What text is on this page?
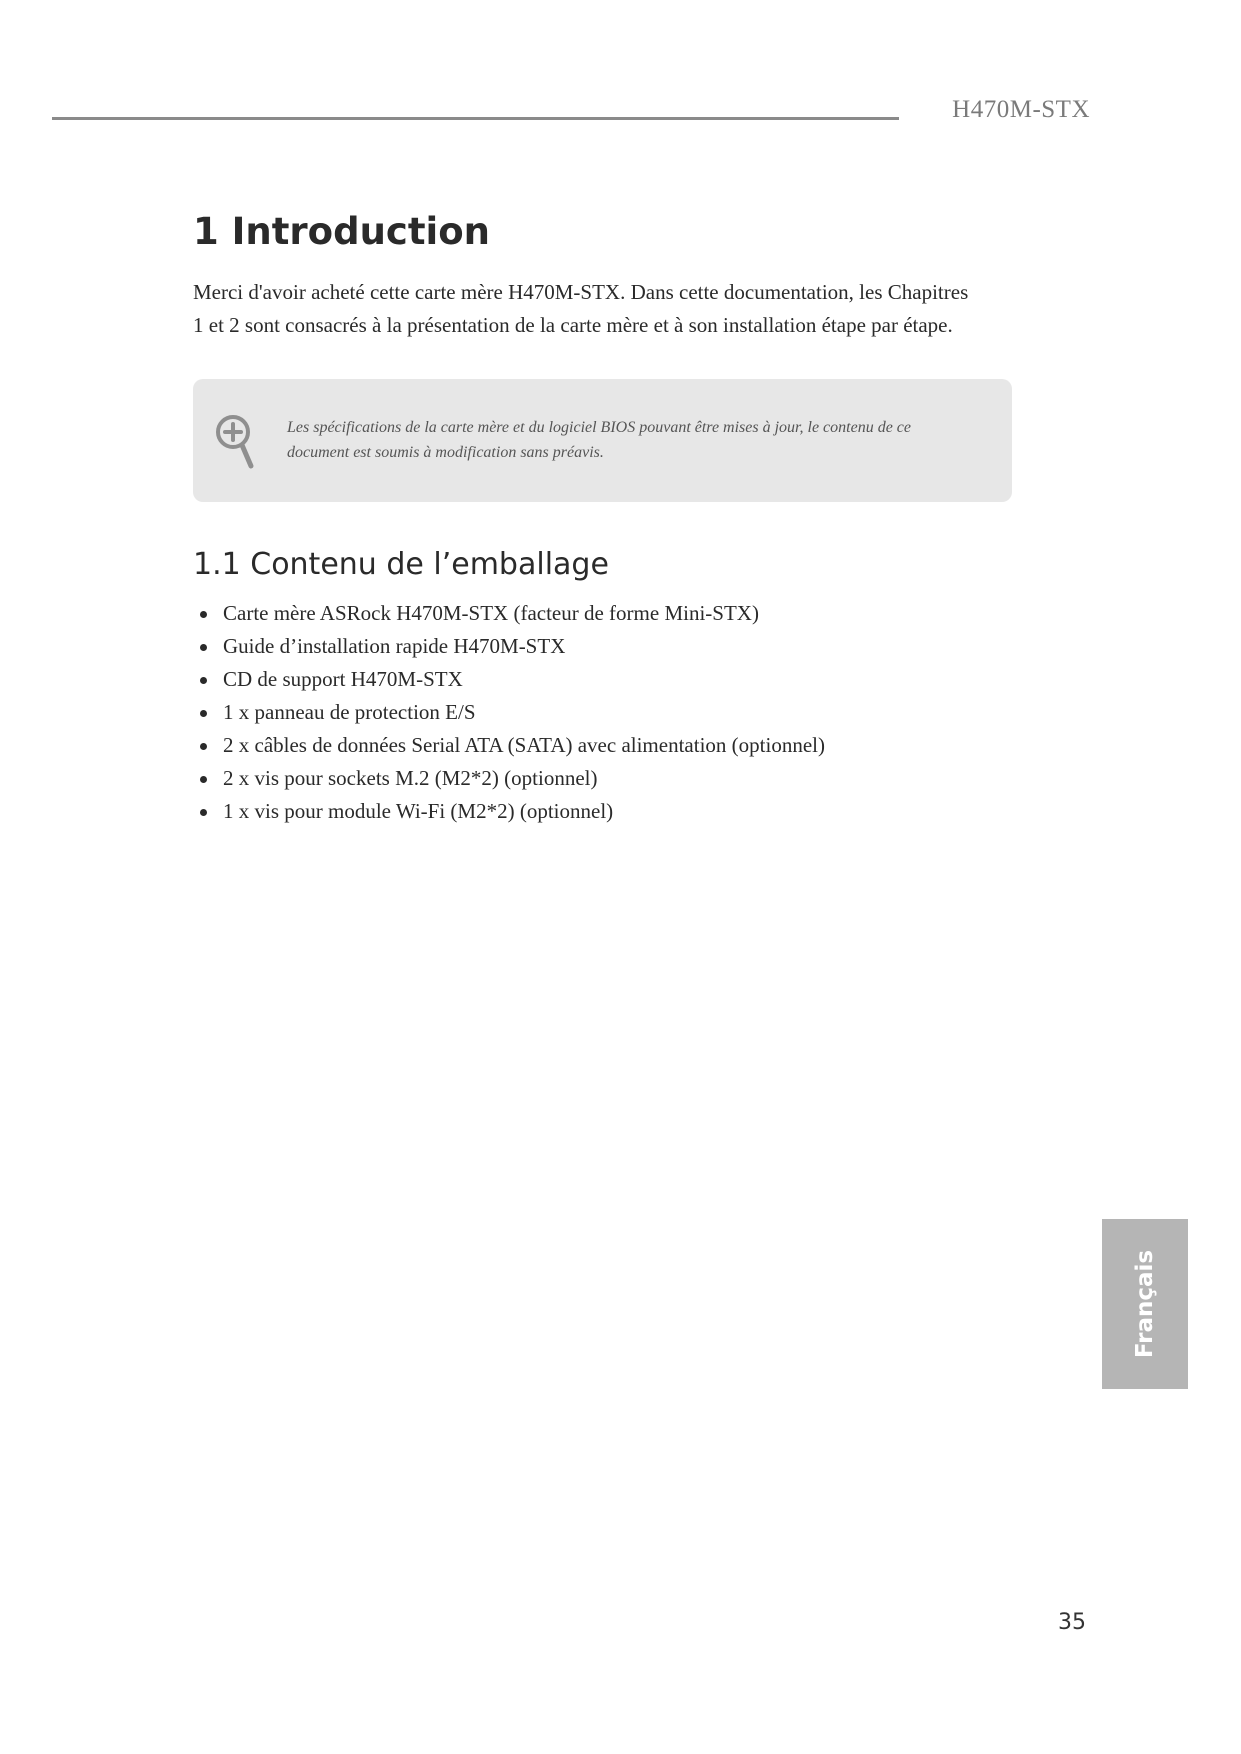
H470M-STX
1 Introduction

Merci d'avoir acheté cette carte mère H470M-STX. Dans cette documentation, les Chapitres
1 et 2 sont consacrés à la présentation de la carte mère et à son installation étape par étape.

Les spécifications de la carte mère et du logiciel BIOS pouvant être mises à jour, le contenu de ce
document est soumis à modification sans préavis.

1.1 Contenu de l’emballage
Carte mère ASRock H470M-STX (facteur de forme Mini-STX)
Guide d’installation rapide H470M-STX
CD de support H470M-STX
1 x panneau de protection E/S
2 x câbles de données Serial ATA (SATA) avec alimentation (optionnel)
2 x vis pour sockets M.2 (M2*2) (optionnel)
1 x vis pour module Wi-Fi (M2*2) (optionnel)
Français
35
